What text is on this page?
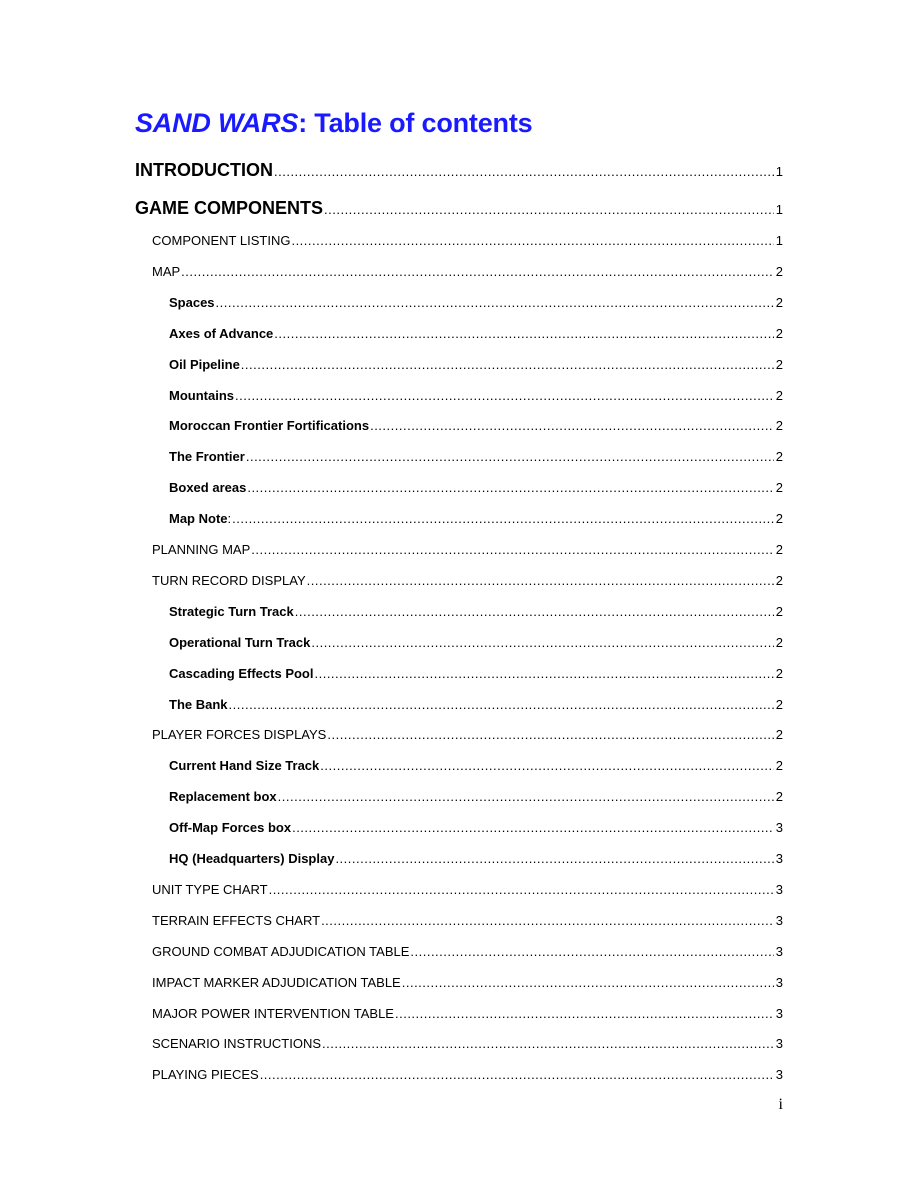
SAND WARS: Table of contents
INTRODUCTION .....	1
GAME COMPONENTS .....	1
COMPONENT LISTING .....	1
MAP .....	2
Spaces .....	2
Axes of Advance .....	2
Oil Pipeline .....	2
Mountains .....	2
Moroccan Frontier Fortifications .....	2
The Frontier .....	2
Boxed areas .....	2
Map Note : .....	2
PLANNING MAP .....	2
TURN RECORD DISPLAY .....	2
Strategic Turn Track .....	2
Operational Turn Track .....	2
Cascading Effects Pool .....	2
The Bank .....	2
PLAYER FORCES DISPLAYS .....	2
Current Hand Size Track .....	2
Replacement box .....	2
Off-Map Forces box .....	3
HQ (Headquarters) Display .....	3
UNIT TYPE CHART .....	3
TERRAIN EFFECTS CHART .....	3
GROUND COMBAT ADJUDICATION TABLE .....	3
IMPACT MARKER ADJUDICATION TABLE .....	3
MAJOR POWER INTERVENTION TABLE .....	3
SCENARIO INSTRUCTIONS .....	3
PLAYING PIECES .....	3
i
